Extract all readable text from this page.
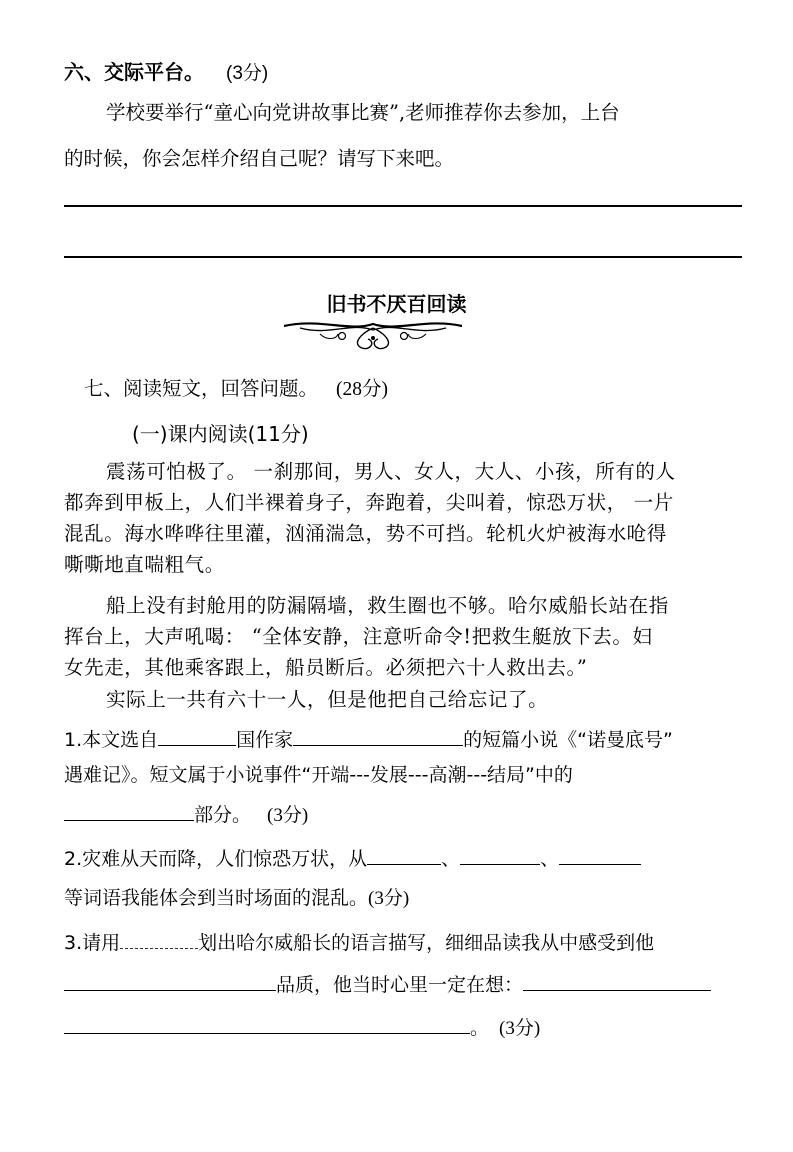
六、交际平台。 (3分)
学校要举行“童心向党讲故事比赛”,老师推荐你去参加，上台
的时候，你会怎样介绍自己呢？请写下来吧。
旧书不厌百回读
七、阅读短文，回答问题。 (28分)
(一)课内阅读(11分)
震荡可怕极了。 一刹那间，男人、女人，大人、小孩，所有的人
都奔到甲板上，人们半裸着身子，奔跑着，尖叫着，惊恐万状， 一片
混乱。海水哗哗往里灌，汹涌湍急，势不可挡。轮机火炉被海水呛得
嘶嘶地直喘粗气。
船上没有封舱用的防漏隔墙，救生圈也不够。哈尔威船长站在指
挥台上，大声吼喝： “全体安静，注意听命令!把救生艇放下去。妇
女先走，其他乘客跟上，船员断后。必须把六十人救出去。”
实际上一共有六十一人，但是他把自己给忘记了。
1.本文选自	国作家	的短篇小说《“诺曼底号”
遇难记》。短文属于小说事件“开端---发展---高潮---结局”中的
部分。 (3分)
2.灾难从天而降，人们惊恐万状，从	、	、
等词语我能体会到当时场面的混乱。(3分)
3.请用	划出哈尔威船长的语言描写，细细品读我从中感受到他
品质，他当时心里一定在想：
。 (3分)
